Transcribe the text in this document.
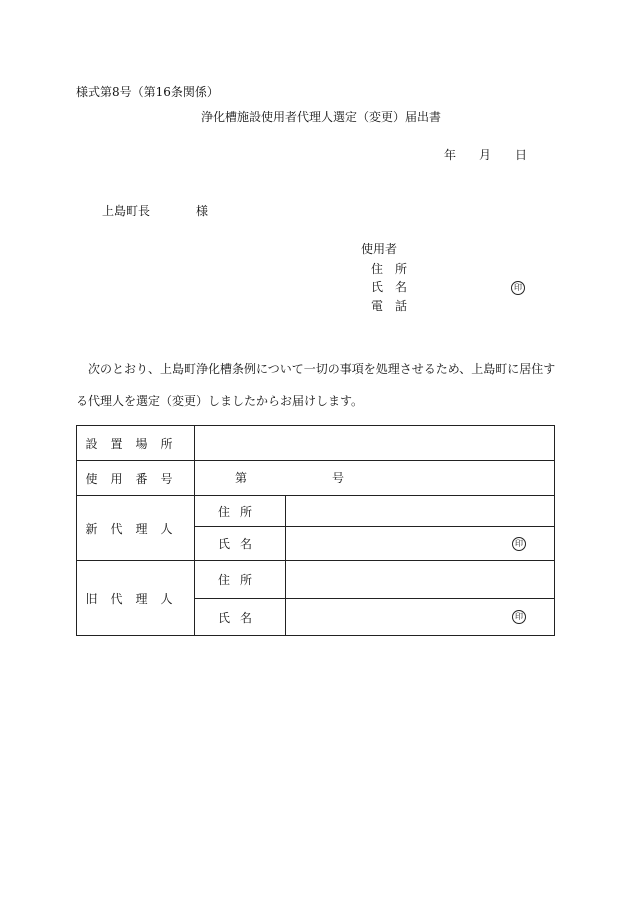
様式第8号（第16条関係）
浄化槽施設使用者代理人選定（変更）届出書
年 月 日
上島町長	様
使用者
住　所
氏　名	印
電　話
次のとおり、上島町浄化槽条例について一切の事項を処理させるため、上島町に居住す
る代理人を選定（変更）しましたからお届けします。
設置場所		
使用番号	第 号	

新代理人	住所	
	氏名	印

旧代理人	住所	
	氏名	印
